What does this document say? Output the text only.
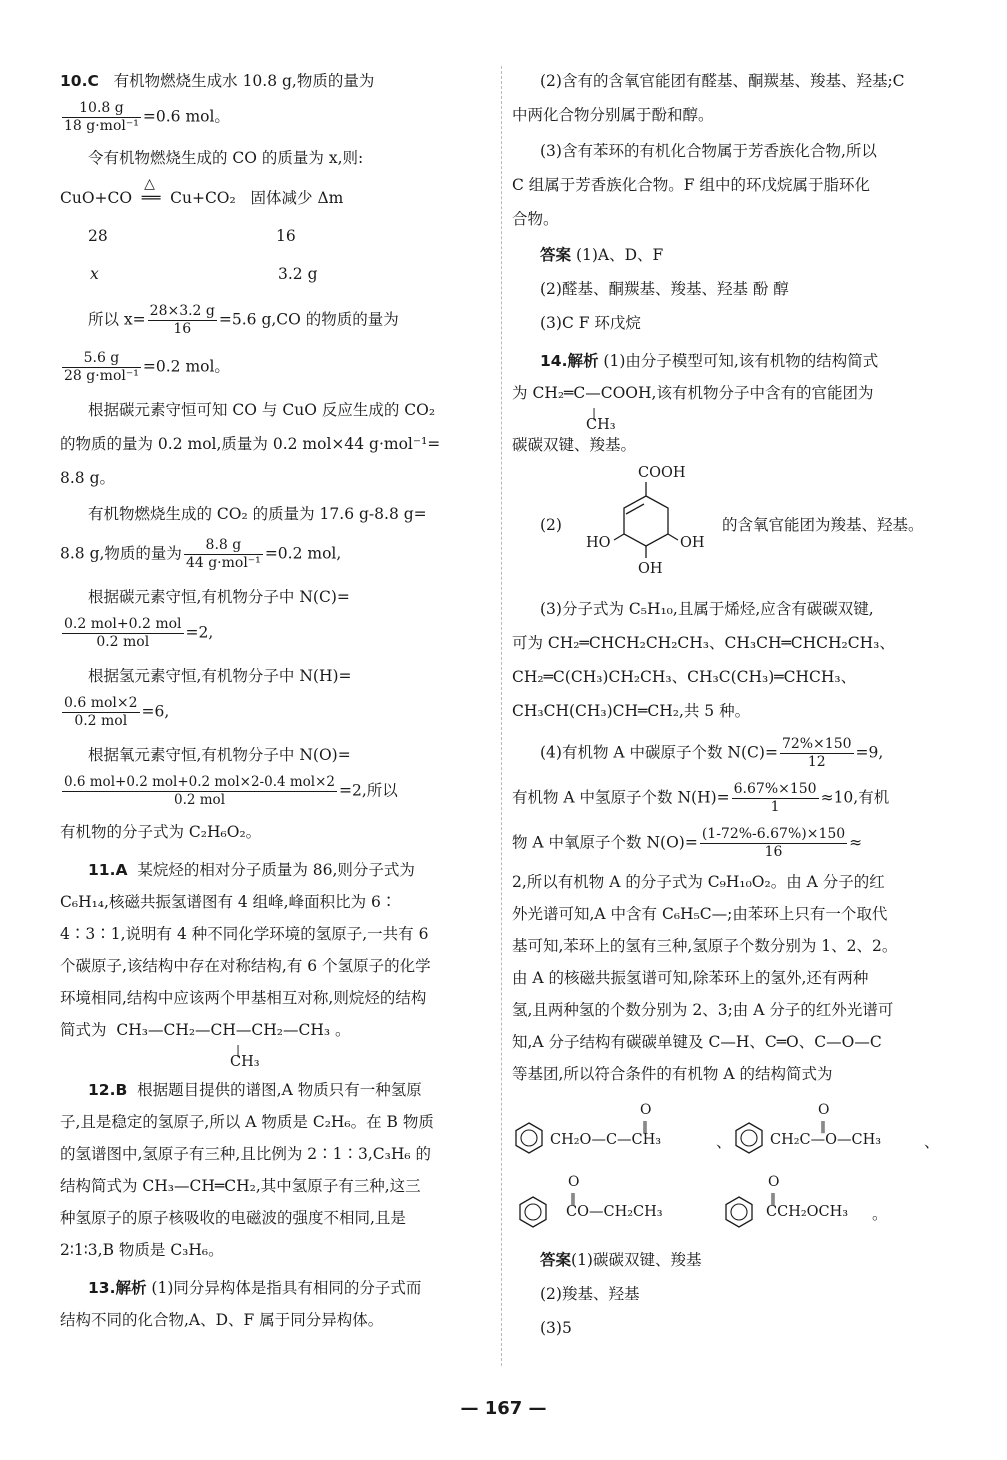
10.C 有机物燃烧生成水 10.8 g,物质的量为

$\frac{10.8 g}{\text{18 g·mol⁻¹}} =0.6$ mol。

令有机物燃烧生成的 CO 的质量为 x,则:

CuO+CO
△
══ Cu+CO₂ 固体减少 Δm

28	16

x	3.2 g

所以 $x= \frac{28\times 3.2 g}{16} =5.6$ g,CO 的物质的量为

$\frac{5.6 g}{\text{28 g·mol⁻¹}} =0.2$ mol。

根据碳元素守恒可知 CO 与 CuO 反应生成的 CO₂

的物质的量为 0.2 mol,质量为 0.2 mol×44 g·mol⁻¹=

8.8 g。

有机物燃烧生成的 CO₂ 的质量为 17.6 g-8.8 g=

8.8 g,物质的量为 $\frac{8.8 g}{\text{44 g·mol⁻¹}} =0.2$ mol,

根据碳元素守恒,有机物分子中 N(C)=

$\frac{\text{0.2 mol+0.2 mol}}{\text{0.2 mol}} =2$,

根据氢元素守恒,有机物分子中 N(H)=

$\frac{\text{0.6 mol×2}}{\text{0.2 mol}} =6$,

根据氧元素守恒,有机物分子中 N(O)=

$\frac{\text{0.6 mol+0.2 mol+0.2 mol×2-0.4 mol×2}}{\text{0.2 mol}} =2$,所以

有机物的分子式为 C₂H₆O₂。

11.A 某烷烃的相对分子质量为 86,则分子式为

C₆H₁₄,核磁共振氢谱图有 4 组峰,峰面积比为 6∶

4∶3∶1,说明有 4 种不同化学环境的氢原子,一共有 6

个碳原子,该结构中存在对称结构,有 6 个氢原子的化学

环境相同,结构中应该两个甲基相互对称,则烷烃的结构

简式为 CH₃—CH₂—CH—CH₂—CH₃ 。
|
CH₃

12.B 根据题目提供的谱图,A 物质只有一种氢原

子,且是稳定的氢原子,所以 A 物质是 C₂H₆。在 B 物质

的氢谱图中,氢原子有三种,且比例为 2∶1∶3,C₃H₆ 的

结构简式为 CH₃—CH═CH₂,其中氢原子有三种,这三

种氢原子的原子核吸收的电磁波的强度不相同,且是

2∶1∶3,B 物质是 C₃H₆。

13.解析 (1)同分异构体是指具有相同的分子式而

结构不同的化合物,A、D、F 属于同分异构体。

(2)含有的含氧官能团有醛基、酮羰基、羧基、羟基;C

中两化合物分别属于酚和醇。

(3)含有苯环的有机化合物属于芳香族化合物,所以

C 组属于芳香族化合物。F 组中的环戊烷属于脂环化

合物。

答案 (1)A、D、F

(2)醛基、酮羰基、羧基、羟基 酚 醇

(3)C F 环戊烷

14.解析 (1)由分子模型可知,该有机物的结构简式

为 CH₂═C—COOH,该有机物分子中含有的官能团为
|
CH₃

碳碳双键、羧基。

(2)
COOH
HO	OH
OH
的含氧官能团为羧基、羟基。

(3)分子式为 C₅H₁₀,且属于烯烃,应含有碳碳双键,

可为 CH₂═CHCH₂CH₂CH₃、CH₃CH═CHCH₂CH₃、

CH₂═C(CH₃)CH₂CH₃、CH₃C(CH₃)═CHCH₃、

CH₃CH(CH₃)CH═CH₂,共 5 种。

(4)有机物 A 中碳原子个数 $N(C)= \frac{72\%\times 150}{12} =9$,

有机物 A 中氢原子个数 $N(H)= \frac{6.67\%\times 150}{1} \approx 10$,有机

物 A 中氧原子个数 $N(O)= \frac{(1-72\%-6.67\%)\times 150}{16}$ ≈

2,所以有机物 A 的分子式为 C₉H₁₀O₂。由 A 分子的红

外光谱可知,A 中含有 C₆H₅C—;由苯环上只有一个取代

基可知,苯环上的氢有三种,氢原子个数分别为 1、2、2。

由 A 的核磁共振氢谱可知,除苯环上的氢外,还有两种

氢,且两种氢的个数分别为 2、3;由 A 分子的红外光谱可

知,A 分子结构有碳碳单键及 C—H、C═O、C—O—C

等基团,所以符合条件的有机物 A 的结构简式为

CH₂O—C—CH₃
O
‖
、	CH₂C—O—CH₃
O
‖
、
CO—CH₂CH₃
O
‖
CCH₂OCH₃
O
‖
。

答案(1)碳碳双键、羧基

(2)羧基、羟基

(3)5

— 167 —
